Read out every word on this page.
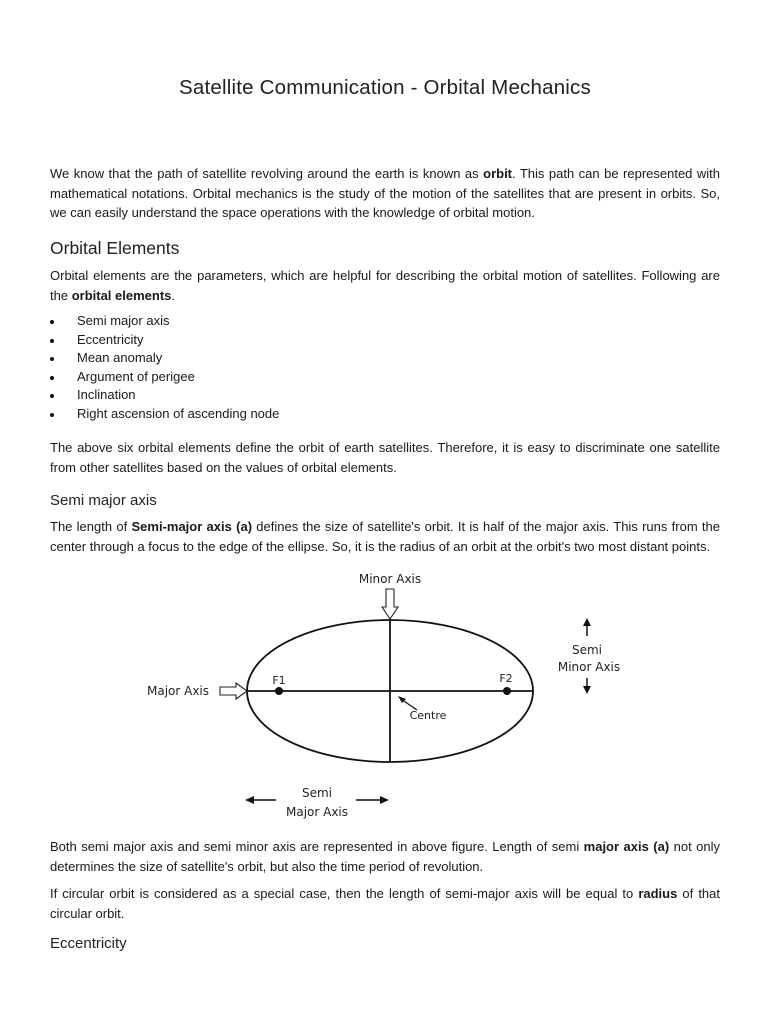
Satellite Communication - Orbital Mechanics

We know that the path of satellite revolving around the earth is known as orbit. This path can be represented with mathematical notations. Orbital mechanics is the study of the motion of the satellites that are present in orbits. So, we can easily understand the space operations with the knowledge of orbital motion.

Orbital Elements

Orbital elements are the parameters, which are helpful for describing the orbital motion of satellites. Following are the orbital elements.

Semi major axis
Eccentricity
Mean anomaly
Argument of perigee
Inclination
Right ascension of ascending node

The above six orbital elements define the orbit of earth satellites. Therefore, it is easy to discriminate one satellite from other satellites based on the values of orbital elements.

Semi major axis

The length of Semi-major axis (a) defines the size of satellite's orbit. It is half of the major axis. This runs from the center through a focus to the edge of the ellipse. So, it is the radius of an orbit at the orbit's two most distant points.

Minor Axis
F1	F2
Major Axis
Centre
Semi
Minor Axis
Semi
Major Axis

Both semi major axis and semi minor axis are represented in above figure. Length of semi major axis (a) not only determines the size of satellite's orbit, but also the time period of revolution.

If circular orbit is considered as a special case, then the length of semi-major axis will be equal to radius of that circular orbit.

Eccentricity
